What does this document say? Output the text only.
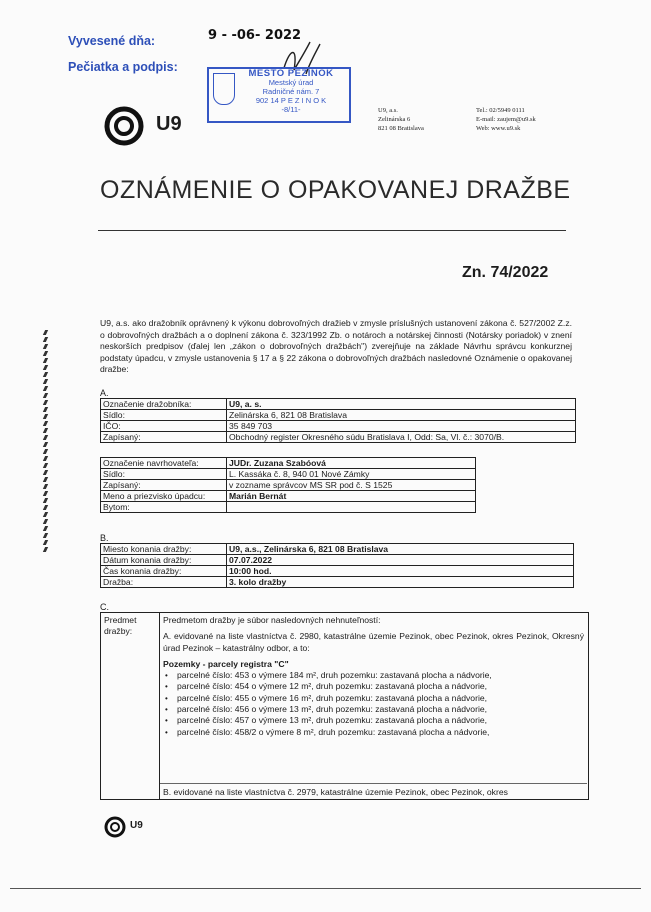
Vyvesené dňa:	9 - -06- 2022
Pečiatka a podpis:	MESTO PEZINOK
Mestský úrad
Radničné nám. 7
902 14 P E Z I N O K
-8/11-
U9
U9, a.s.
Zelinárska 6
821 08 Bratislava
Tel.: 02/5949 0111
E-mail: zaujem@u9.sk
Web: www.u9.sk
OZNÁMENIE O OPAKOVANEJ DRAŽBE
Zn. 74/2022
U9, a.s. ako dražobník oprávnený k výkonu dobrovoľných dražieb v zmysle príslušných ustanovení zákona č. 527/2002 Z.z. o dobrovoľných dražbách a o doplnení zákona č. 323/1992 Zb. o notároch a notárskej činnosti (Notársky poriadok) v znení neskorších predpisov (ďalej len „zákon o dobrovoľných dražbách") zverejňuje na základe Návrhu správcu konkurznej podstaty úpadcu, v zmysle ustanovenia § 17 a § 22 zákona o dobrovoľných dražbách nasledovné Oznámenie o opakovanej dražbe:
A.
Označenie dražobníka:	U9, a. s.
Sídlo:	Zelinárska 6, 821 08 Bratislava
IČO:	35 849 703
Zapísaný:	Obchodný register Okresného súdu Bratislava I, Odd: Sa, Vl. č.: 3070/B.
Označenie navrhovateľa:	JUDr. Zuzana Szabóová
Sídlo:	L. Kassáka č. 8, 940 01 Nové Zámky
Zapísaný:	v zozname správcov MS SR pod č. S 1525
Meno a priezvisko úpadcu:	Marián Bernát
Bytom:	
B.
Miesto konania dražby:	U9, a.s., Zelinárska 6, 821 08 Bratislava
Dátum konania dražby:	07.07.2022
Čas konania dražby:	10:00 hod.
Dražba:	3. kolo dražby
C.
Predmet
dražby:
Predmetom dražby je súbor nasledovných nehnuteľností:
A. evidované na liste vlastníctva č. 2980, katastrálne územie Pezinok, obec Pezinok, okres Pezinok, Okresný úrad Pezinok – katastrálny odbor, a to:
Pozemky - parcely registra "C"
• parcelné číslo: 453 o výmere 184 m², druh pozemku: zastavaná plocha a nádvorie,
• parcelné číslo: 454 o výmere 12 m², druh pozemku: zastavaná plocha a nádvorie,
• parcelné číslo: 455 o výmere 16 m², druh pozemku: zastavaná plocha a nádvorie,
• parcelné číslo: 456 o výmere 13 m², druh pozemku: zastavaná plocha a nádvorie,
• parcelné číslo: 457 o výmere 13 m², druh pozemku: zastavaná plocha a nádvorie,
• parcelné číslo: 458/2 o výmere 8 m², druh pozemku: zastavaná plocha a nádvorie,
B. evidované na liste vlastníctva č. 2979, katastrálne územie Pezinok, obec Pezinok, okres
U9
